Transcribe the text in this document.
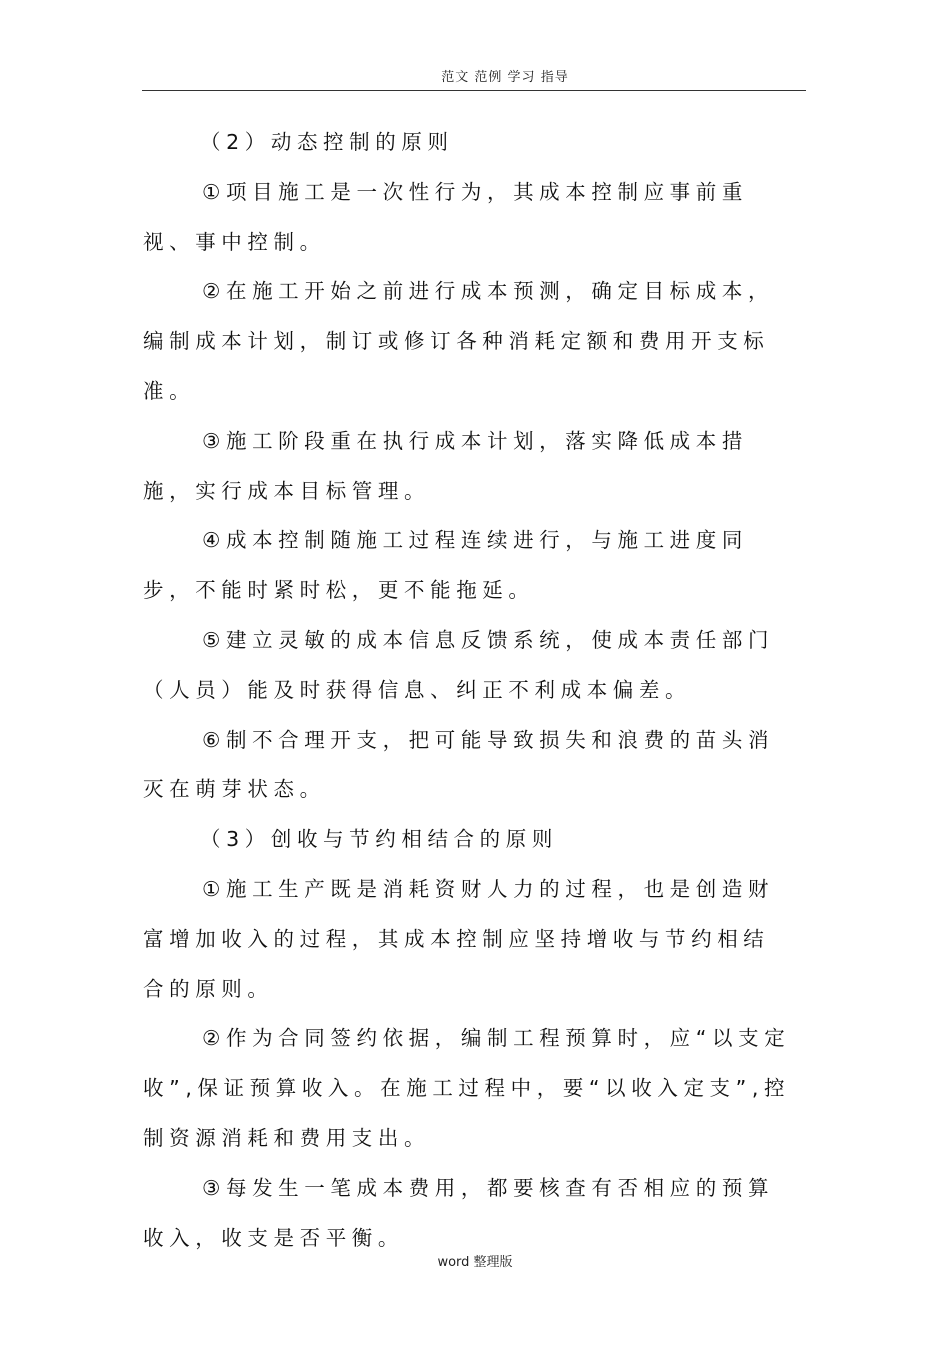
范文 范例 学习 指导

（2）动态控制的原则

①项目施工是一次性行为，其成本控制应事前重视、事中控制。

②在施工开始之前进行成本预测，确定目标成本，编制成本计划，制订或修订各种消耗定额和费用开支标准。

③施工阶段重在执行成本计划，落实降低成本措施，实行成本目标管理。

④成本控制随施工过程连续进行，与施工进度同步，不能时紧时松，更不能拖延。

⑤建立灵敏的成本信息反馈系统，使成本责任部门（人员）能及时获得信息、纠正不利成本偏差。

⑥制不合理开支，把可能导致损失和浪费的苗头消灭在萌芽状态。

（3）创收与节约相结合的原则

①施工生产既是消耗资财人力的过程，也是创造财富增加收入的过程，其成本控制应坚持增收与节约相结合的原则。

②作为合同签约依据，编制工程预算时，应“以支定收”,保证预算收入。在施工过程中，要“以收入定支”,控制资源消耗和费用支出。

③每发生一笔成本费用，都要核查有否相应的预算收入，收支是否平衡。

word 整理版
